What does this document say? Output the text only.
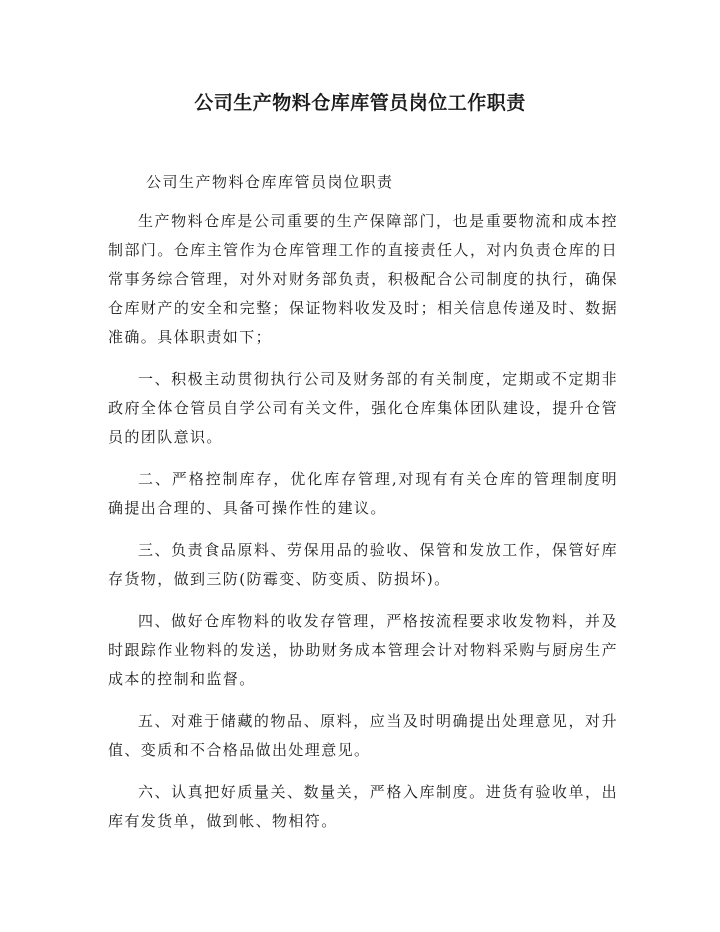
公司生产物料仓库库管员岗位工作职责

公司生产物料仓库库管员岗位职责

生产物料仓库是公司重要的生产保障部门，也是重要物流和成本控制部门。仓库主管作为仓库管理工作的直接责任人，对内负责仓库的日常事务综合管理，对外对财务部负责，积极配合公司制度的执行，确保仓库财产的安全和完整；保证物料收发及时；相关信息传递及时、数据准确。具体职责如下；

一、积极主动贯彻执行公司及财务部的有关制度，定期或不定期非政府全体仓管员自学公司有关文件，强化仓库集体团队建设，提升仓管员的团队意识。

二、严格控制库存，优化库存管理,对现有有关仓库的管理制度明确提出合理的、具备可操作性的建议。

三、负责食品原料、劳保用品的验收、保管和发放工作，保管好库存货物，做到三防(防霉变、防变质、防损坏)。

四、做好仓库物料的收发存管理，严格按流程要求收发物料，并及时跟踪作业物料的发送，协助财务成本管理会计对物料采购与厨房生产成本的控制和监督。

五、对难于储藏的物品、原料，应当及时明确提出处理意见，对升值、变质和不合格品做出处理意见。

六、认真把好质量关、数量关，严格入库制度。进货有验收单，出库有发货单，做到帐、物相符。
